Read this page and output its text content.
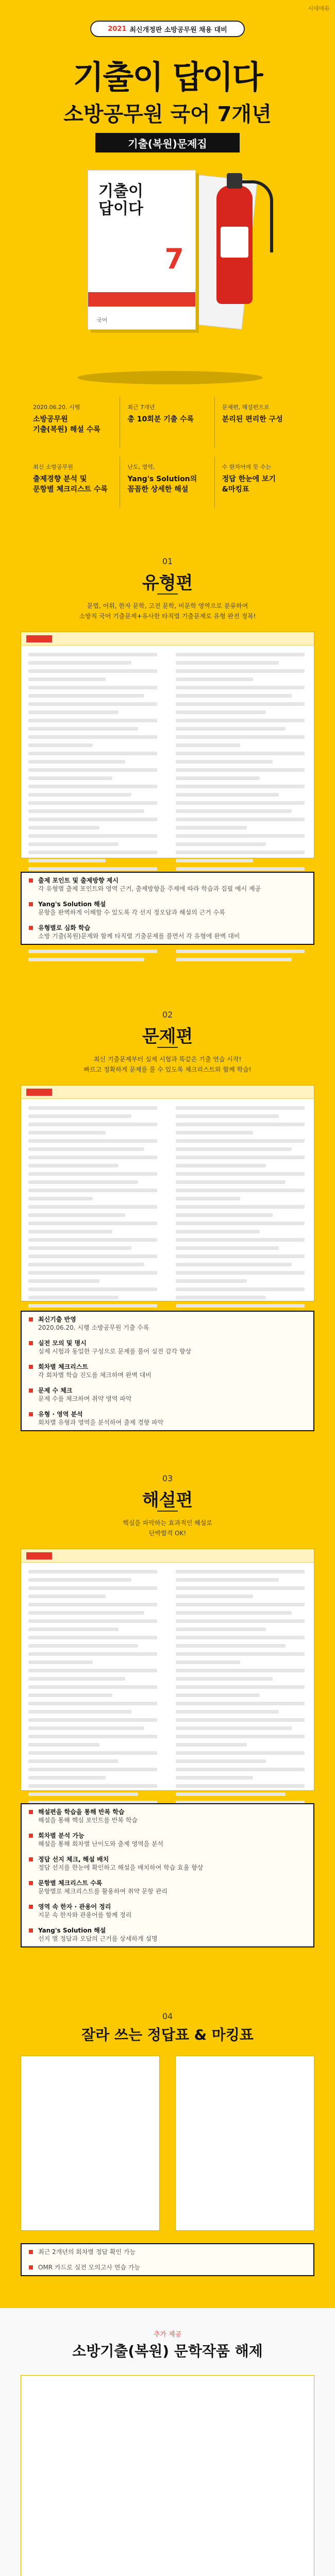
시대에듀
2021 최신개정판 소방공무원 채용 대비
기출이 답이다
소방공무원 국어 7개년
기출(복원)문제집
기출이
답이다
7
국어
2020.06.20. 시행
소방공무원
기출(복원) 해설 수록
최근 7개년
총 10회분 기출 수록
문제편, 해설편으로
분리된 편리한 구성
최신 소방공무원
출제경향 분석 및
문항별 체크리스트 수록
난도, 영역,
Yang's Solution의
꼼꼼한 상세한 해설
수 한자어에 뜻 수는
정답 한눈에 보기
&마킹표
01
유형편
문법, 어휘, 한자 문학, 고전 문학, 비문학 영역으로 분류하여
소방직 국어 기출문제+유사한 타직렬 기출문제로 유형 완전 정복!
출제 포인트 및 출제방향 제시
각 유형별 출제 포인트와 영역 근거, 출제방향을 주제에 따라 학습과 집필 예시 제공
Yang's Solution 해설
문항을 완벽하게 이해할 수 있도록 각 선지 정오답과 해설의 근거 수록
유형별로 심화 학습
소방 기출(복원)문제와 함께 타직렬 기출문제를 풀면서 각 유형에 완벽 대비
02
문제편
최신 기출문제부터 실제 시험과 똑같은 기출 연습 시작!
빠르고 정확하게 문제를 풀 수 있도록 체크리스트와 함께 학습!
최신기출 반영
2020.06.20. 시행 소방공무원 기출 수록
실전 모의 및 명시
실제 시험과 동일한 구성으로 문제를 풀어 실전 감각 향상
회차별 체크리스트
각 회차별 학습 진도를 체크하며 완벽 대비
문제 수 체크
문제 수를 체크하며 취약 영역 파악
유형 · 영역 분석
회차별 유형과 영역을 분석하여 출제 경향 파악
03
해설편
핵심을 파악하는 효과적인 해설로
단박합격 OK!
해설편을 학습을 통해 반복 학습
해설을 통해 핵심 포인트를 반복 학습
회차별 분석 가능
해설을 통해 회차별 난이도와 출제 영역을 분석
정답 선지 체크, 해설 배치
정답 선지를 한눈에 확인하고 해설을 배치하여 학습 효율 향상
문항별 체크리스트 수록
문항별로 체크리스트를 활용하여 취약 문항 관리
영역 속 한자 · 관용어 정리
지문 속 한자와 관용어를 함께 정리
Yang's Solution 해설
선지 별 정답과 오답의 근거를 상세하게 설명
04
잘라 쓰는 정답표 & 마킹표
최근 2개년의 회차별 정답 확인 가능
OMR 카드로 실전 모의고사 연습 가능
추가 제공
소방기출(복원) 문학작품 해제
